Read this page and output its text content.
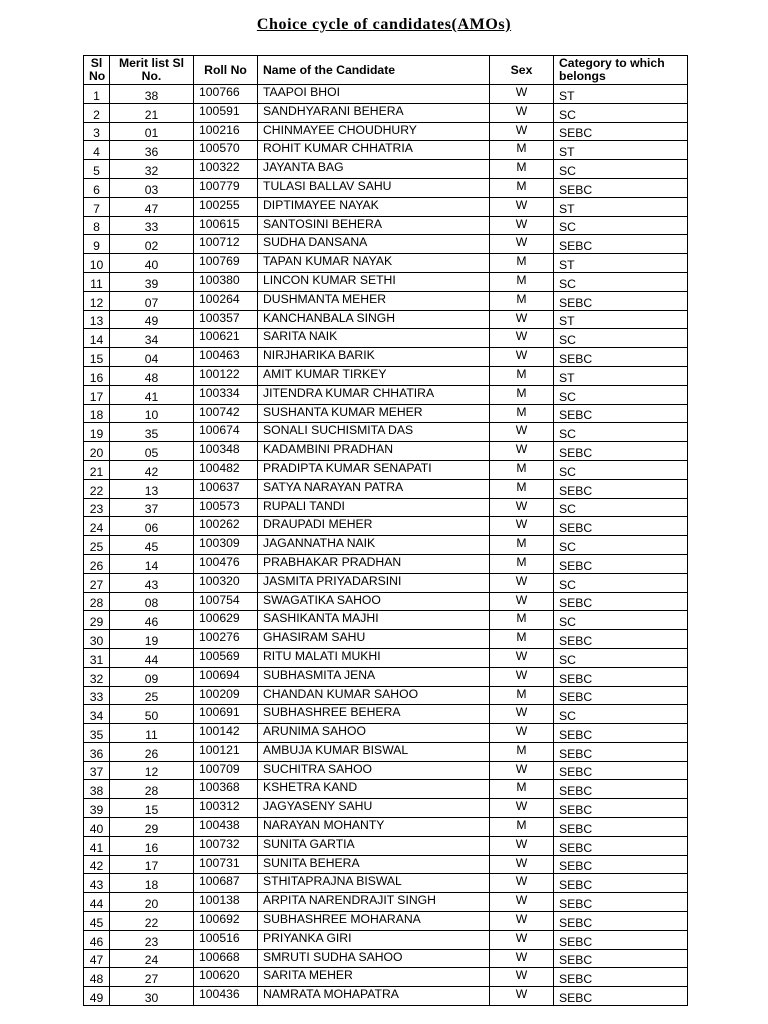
Choice cycle of candidates(AMOs)
Sl No	Merit list Sl No.	Roll No	Name of the Candidate	Sex	Category to which belongs
1	38	100766	TAAPOI BHOI	W	ST
2	21	100591	SANDHYARANI BEHERA	W	SC
3	01	100216	CHINMAYEE CHOUDHURY	W	SEBC
4	36	100570	ROHIT KUMAR CHHATRIA	M	ST
5	32	100322	JAYANTA BAG	M	SC
6	03	100779	TULASI BALLAV SAHU	M	SEBC
7	47	100255	DIPTIMAYEE NAYAK	W	ST
8	33	100615	SANTOSINI BEHERA	W	SC
9	02	100712	SUDHA DANSANA	W	SEBC
10	40	100769	TAPAN KUMAR NAYAK	M	ST
11	39	100380	LINCON KUMAR SETHI	M	SC
12	07	100264	DUSHMANTA MEHER	M	SEBC
13	49	100357	KANCHANBALA SINGH	W	ST
14	34	100621	SARITA NAIK	W	SC
15	04	100463	NIRJHARIKA BARIK	W	SEBC
16	48	100122	AMIT KUMAR TIRKEY	M	ST
17	41	100334	JITENDRA KUMAR CHHATIRA	M	SC
18	10	100742	SUSHANTA KUMAR MEHER	M	SEBC
19	35	100674	SONALI SUCHISMITA DAS	W	SC
20	05	100348	KADAMBINI PRADHAN	W	SEBC
21	42	100482	PRADIPTA KUMAR SENAPATI	M	SC
22	13	100637	SATYA NARAYAN PATRA	M	SEBC
23	37	100573	RUPALI TANDI	W	SC
24	06	100262	DRAUPADI MEHER	W	SEBC
25	45	100309	JAGANNATHA NAIK	M	SC
26	14	100476	PRABHAKAR PRADHAN	M	SEBC
27	43	100320	JASMITA PRIYADARSINI	W	SC
28	08	100754	SWAGATIKA SAHOO	W	SEBC
29	46	100629	SASHIKANTA MAJHI	M	SC
30	19	100276	GHASIRAM SAHU	M	SEBC
31	44	100569	RITU MALATI MUKHI	W	SC
32	09	100694	SUBHASMITA JENA	W	SEBC
33	25	100209	CHANDAN KUMAR SAHOO	M	SEBC
34	50	100691	SUBHASHREE BEHERA	W	SC
35	11	100142	ARUNIMA SAHOO	W	SEBC
36	26	100121	AMBUJA KUMAR BISWAL	M	SEBC
37	12	100709	SUCHITRA SAHOO	W	SEBC
38	28	100368	KSHETRA KAND	M	SEBC
39	15	100312	JAGYASENY SAHU	W	SEBC
40	29	100438	NARAYAN MOHANTY	M	SEBC
41	16	100732	SUNITA GARTIA	W	SEBC
42	17	100731	SUNITA BEHERA	W	SEBC
43	18	100687	STHITAPRAJNA BISWAL	W	SEBC
44	20	100138	ARPITA NARENDRAJIT SINGH	W	SEBC
45	22	100692	SUBHASHREE MOHARANA	W	SEBC
46	23	100516	PRIYANKA GIRI	W	SEBC
47	24	100668	SMRUTI SUDHA SAHOO	W	SEBC
48	27	100620	SARITA MEHER	W	SEBC
49	30	100436	NAMRATA MOHAPATRA	W	SEBC
